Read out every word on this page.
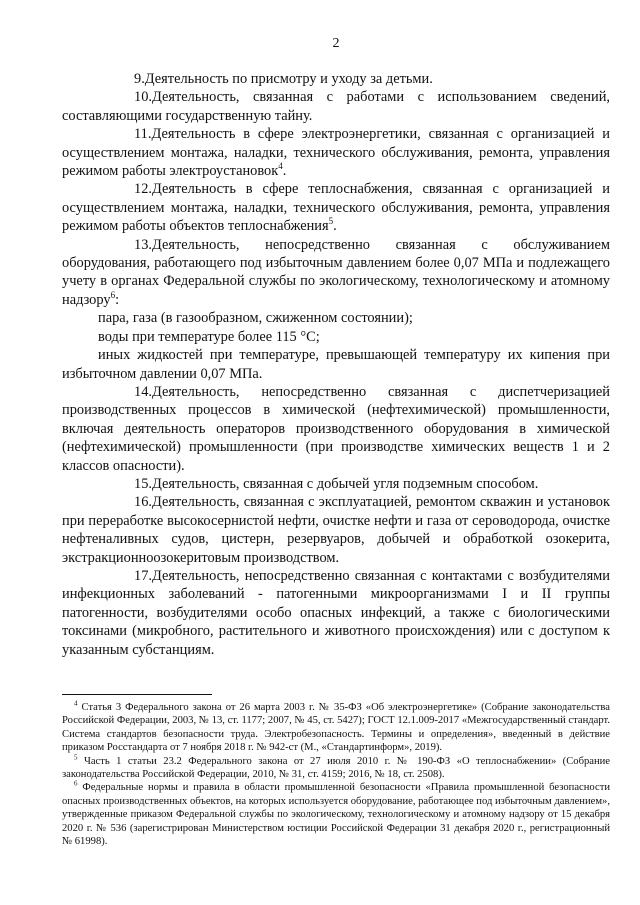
2

9.Деятельность по присмотру и уходу за детьми.

10.Деятельность, связанная с работами с использованием сведений, составляющими государственную тайну.

11.Деятельность в сфере электроэнергетики, связанная с организацией и осуществлением монтажа, наладки, технического обслуживания, ремонта, управления режимом работы электроустановок$^4$.

12.Деятельность в сфере теплоснабжения, связанная с организацией и осуществлением монтажа, наладки, технического обслуживания, ремонта, управления режимом работы объектов теплоснабжения$^5$.

13.Деятельность, непосредственно связанная с обслуживанием оборудования, работающего под избыточным давлением более 0,07 МПа и подлежащего учету в органах Федеральной службы по экологическому, технологическому и атомному надзору$^6$:

пара, газа (в газообразном, сжиженном состоянии);

воды при температуре более 115 °С;

иных жидкостей при температуре, превышающей температуру их кипения при избыточном давлении 0,07 МПа.

14.Деятельность, непосредственно связанная с диспетчеризацией производственных процессов в химической (нефтехимической) промышленности, включая деятельность операторов производственного оборудования в химической (нефтехимической) промышленности (при производстве химических веществ 1 и 2 классов опасности).

15.Деятельность, связанная с добычей угля подземным способом.

16.Деятельность, связанная с эксплуатацией, ремонтом скважин и установок при переработке высокосернистой нефти, очистке нефти и газа от сероводорода, очистке нефтеналивных судов, цистерн, резервуаров, добычей и обработкой озокерита, экстракционноозокеритовым производством.

17.Деятельность, непосредственно связанная с контактами с возбудителями инфекционных заболеваний - патогенными микроорганизмами I и II группы патогенности, возбудителями особо опасных инфекций, а также с биологическими токсинами (микробного, растительного и животного происхождения) или с доступом к указанным субстанциям.

$^4$ Статья 3 Федерального закона от 26 марта 2003 г. № 35-ФЗ «Об электроэнергетике» (Собрание законодательства Российской Федерации, 2003, № 13, ст. 1177; 2007, № 45, ст. 5427); ГОСТ 12.1.009-2017 «Межгосударственный стандарт. Система стандартов безопасности труда. Электробезопасность. Термины и определения», введенный в действие приказом Росстандарта от 7 ноября 2018 г. № 942-ст (М., «Стандартинформ», 2019).

$^5$ Часть 1 статьи 23.2 Федерального закона от 27 июля 2010 г. № 190-ФЗ «О теплоснабжении» (Собрание законодательства Российской Федерации, 2010, № 31, ст. 4159; 2016, № 18, ст. 2508).

$^6$ Федеральные нормы и правила в области промышленной безопасности «Правила промышленной безопасности опасных производственных объектов, на которых используется оборудование, работающее под избыточным давлением», утвержденные приказом Федеральной службы по экологическому, технологическому и атомному надзору от 15 декабря 2020 г. № 536 (зарегистрирован Министерством юстиции Российской Федерации 31 декабря 2020 г., регистрационный № 61998).
